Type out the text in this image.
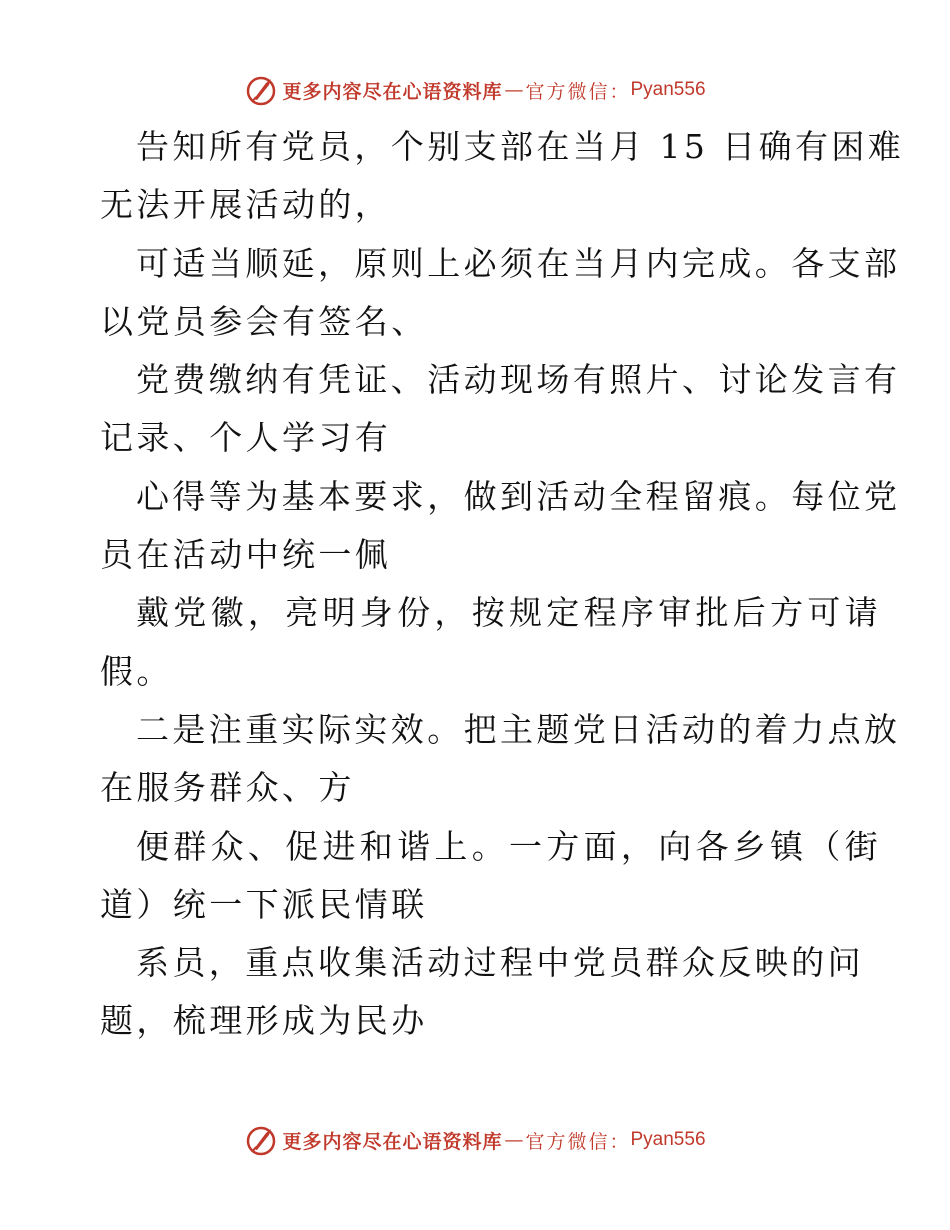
更多内容尽在心语资料库 — 官方微信： Pyan556
告知所有党员，个别支部在当月 15 日确有困难
无法开展活动的，
可适当顺延，原则上必须在当月内完成。各支部
以党员参会有签名、
党费缴纳有凭证、活动现场有照片、讨论发言有
记录、个人学习有
心得等为基本要求，做到活动全程留痕。每位党
员在活动中统一佩
戴党徽，亮明身份，按规定程序审批后方可请
假。
二是注重实际实效。把主题党日活动的着力点放
在服务群众、方
便群众、促进和谐上。一方面，向各乡镇（街
道）统一下派民情联
系员，重点收集活动过程中党员群众反映的问
题，梳理形成为民办
更多内容尽在心语资料库 — 官方微信： Pyan556
